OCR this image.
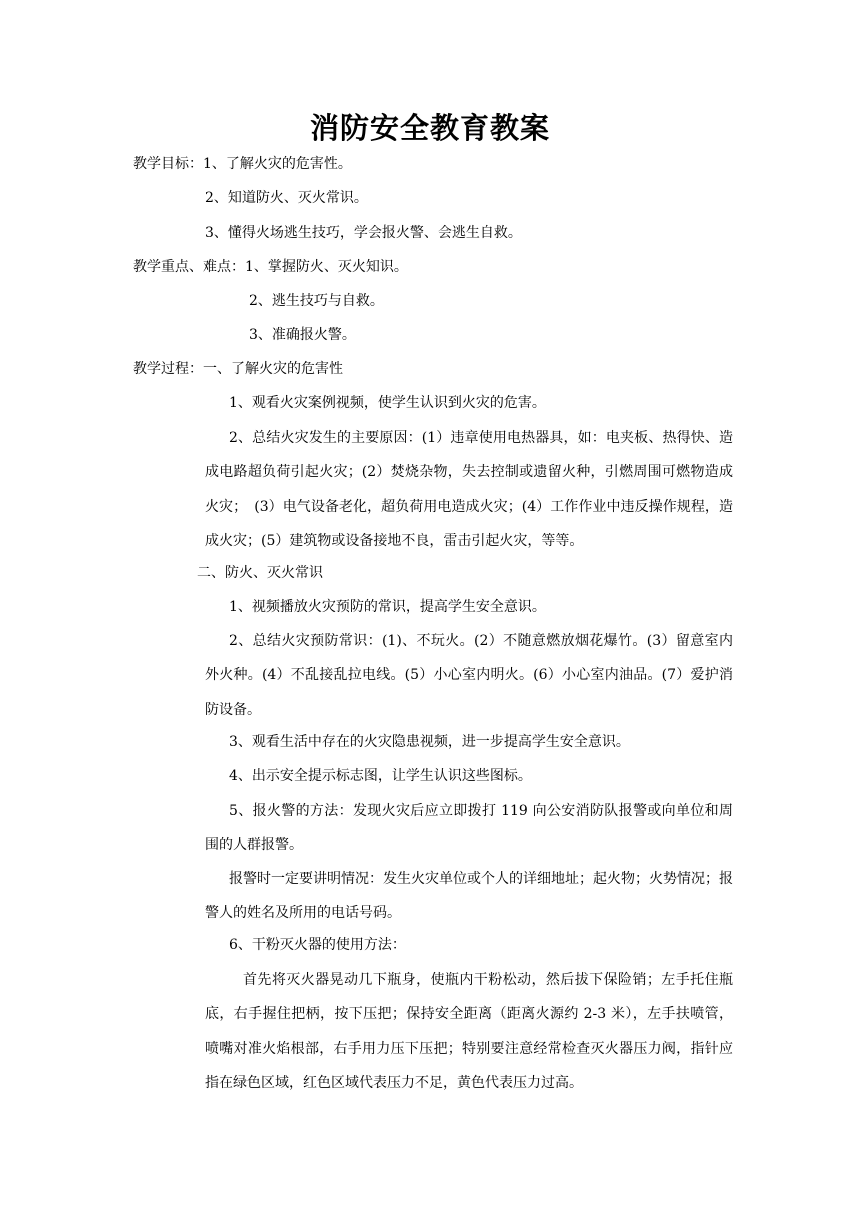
消防安全教育教案
教学目标：1、了解火灾的危害性。
2、知道防火、灭火常识。
3、懂得火场逃生技巧，学会报火警、会逃生自救。
教学重点、难点：1、掌握防火、灭火知识。
2、逃生技巧与自救。
3、准确报火警。
教学过程：一、了解火灾的危害性
1、观看火灾案例视频，使学生认识到火灾的危害。
2、总结火灾发生的主要原因：(1）违章使用电热器具，如：电夹板、热得快、造成电路超负荷引起火灾；(2）焚烧杂物，失去控制或遗留火种，引燃周围可燃物造成火灾；　(3）电气设备老化，超负荷用电造成火灾；(4）工作作业中违反操作规程，造成火灾；(5）建筑物或设备接地不良，雷击引起火灾，等等。
二、防火、灭火常识
1、视频播放火灾预防的常识，提高学生安全意识。
2、总结火灾预防常识：(1)、不玩火。(2）不随意燃放烟花爆竹。(3）留意室内外火种。(4）不乱接乱拉电线。(5）小心室内明火。(6）小心室内油品。(7）爱护消防设备。
3、观看生活中存在的火灾隐患视频，进一步提高学生安全意识。
4、出示安全提示标志图，让学生认识这些图标。
5、报火警的方法：发现火灾后应立即拨打 119 向公安消防队报警或向单位和周围的人群报警。
报警时一定要讲明情况：发生火灾单位或个人的详细地址；起火物；火势情况；报警人的姓名及所用的电话号码。
6、干粉灭火器的使用方法：
首先将灭火器晃动几下瓶身，使瓶内干粉松动，然后拔下保险销；左手托住瓶底，右手握住把柄，按下压把；保持安全距离（距离火源约 2-3 米），左手扶喷管，喷嘴对准火焰根部，右手用力压下压把；特别要注意经常检查灭火器压力阀，指针应指在绿色区域，红色区域代表压力不足，黄色代表压力过高。
